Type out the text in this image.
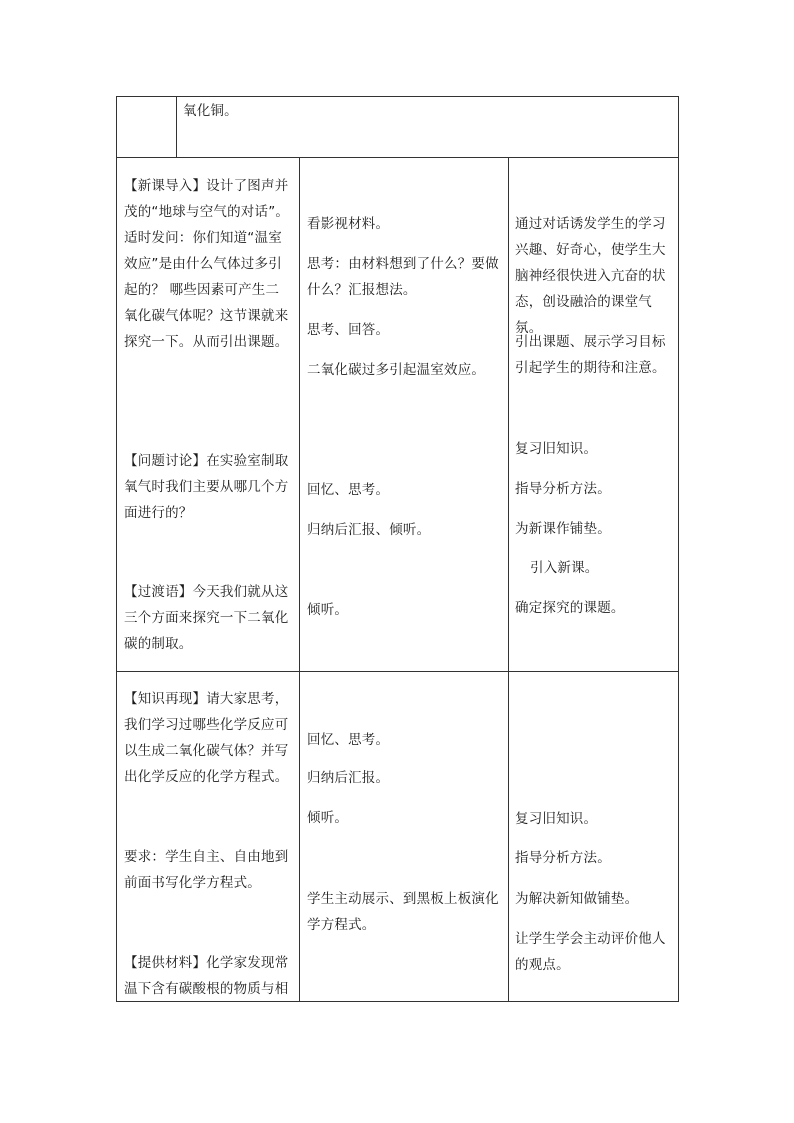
氧化铜。
【新课导入】设计了图声并茂的“地球与空气的对话”。适时发问：你们知道“温室效应”是由什么气体过多引起的？ 哪些因素可产生二氧化碳气体呢？这节课就来探究一下。从而引出课题。
【问题讨论】在实验室制取氧气时我们主要从哪几个方面进行的？
【过渡语】今天我们就从这三个方面来探究一下二氧化碳的制取。
看影视材料。
思考：由材料想到了什么？要做什么？汇报想法。
思考、回答。
二氧化碳过多引起温室效应。
回忆、思考。
归纳后汇报、倾听。
倾听。
通过对话诱发学生的学习兴趣、好奇心，使学生大脑神经很快进入亢奋的状态，创设融洽的课堂气氛。
引出课题、展示学习目标引起学生的期待和注意。
复习旧知识。
指导分析方法。
为新课作铺垫。
引入新课。
确定探究的课题。
【知识再现】请大家思考，我们学习过哪些化学反应可以生成二氧化碳气体？并写出化学反应的化学方程式。
要求：学生自主、自由地到前面书写化学方程式。
【提供材料】化学家发现常温下含有碳酸根的物质与相
回忆、思考。
归纳后汇报。
倾听。
学生主动展示、到黑板上板演化学方程式。
复习旧知识。
指导分析方法。
为解决新知做铺垫。
让学生学会主动评价他人的观点。
